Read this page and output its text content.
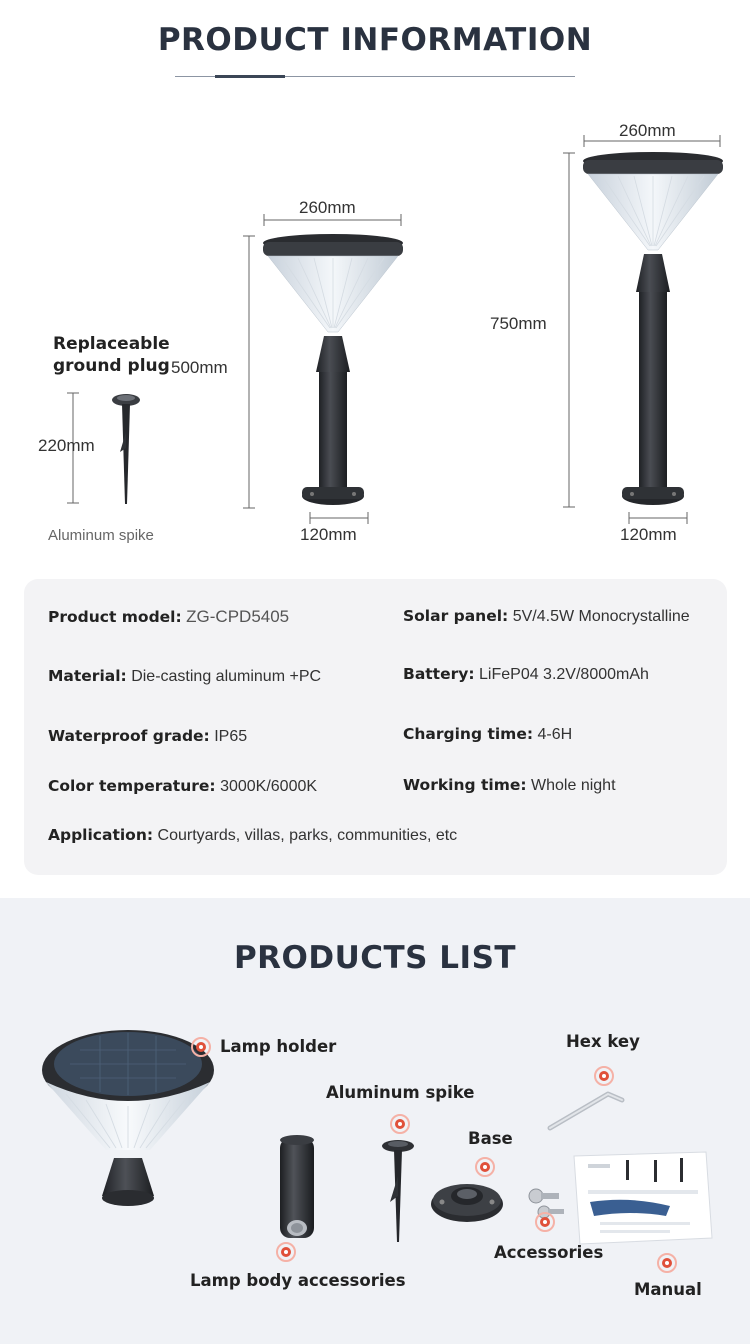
PRODUCT INFORMATION
260mm
500mm
120mm
260mm
750mm
120mm
220mm
Replaceable
ground plug
Aluminum spike
Product model: ZG-CPD5405	Solar panel: 5V/4.5W Monocrystalline
Material: Die-casting aluminum +PC	Battery: LiFeP04 3.2V/8000mAh
Waterproof grade: IP65	Charging time: 4-6H
Color temperature: 3000K/6000K	Working time: Whole night
Application: Courtyards, villas, parks, communities, etc
PRODUCTS LIST
Lamp holder	Hex key
Aluminum spike
Base
Accessories
Lamp body accessories	Manual
